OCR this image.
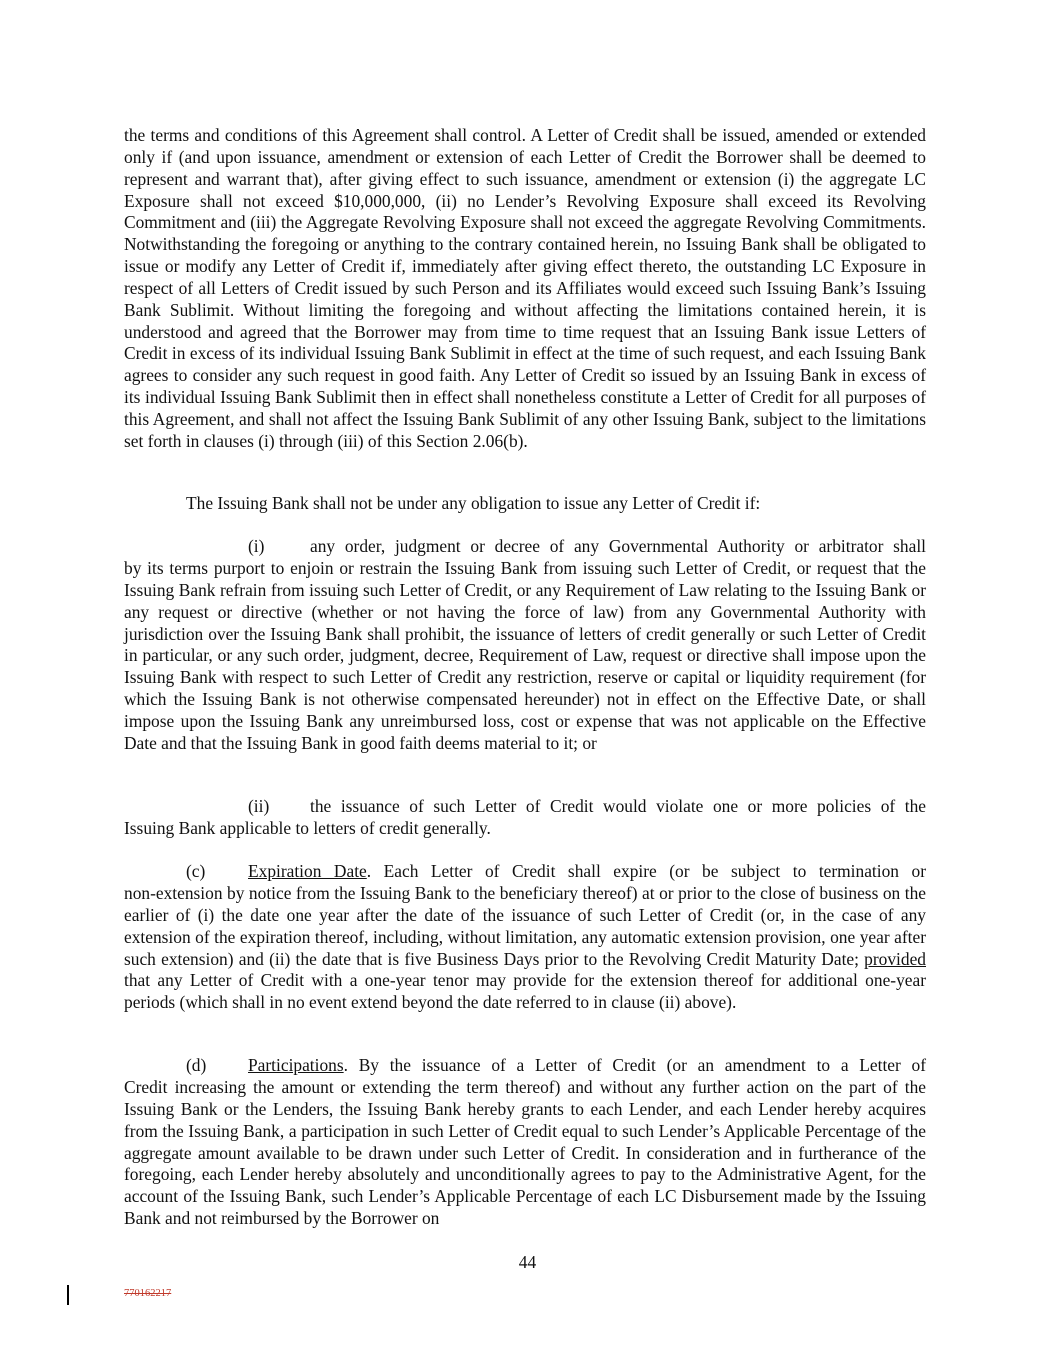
the terms and conditions of this Agreement shall control. A Letter of Credit shall be issued, amended or extended only if (and upon issuance, amendment or extension of each Letter of Credit the Borrower shall be deemed to represent and warrant that), after giving effect to such issuance, amendment or extension (i) the aggregate LC Exposure shall not exceed $10,000,000, (ii) no Lender’s Revolving Exposure shall exceed its Revolving Commitment and (iii) the Aggregate Revolving Exposure shall not exceed the aggregate Revolving Commitments. Notwithstanding the foregoing or anything to the contrary contained herein, no Issuing Bank shall be obligated to issue or modify any Letter of Credit if, immediately after giving effect thereto, the outstanding LC Exposure in respect of all Letters of Credit issued by such Person and its Affiliates would exceed such Issuing Bank’s Issuing Bank Sublimit. Without limiting the foregoing and without affecting the limitations contained herein, it is understood and agreed that the Borrower may from time to time request that an Issuing Bank issue Letters of Credit in excess of its individual Issuing Bank Sublimit in effect at the time of such request, and each Issuing Bank agrees to consider any such request in good faith. Any Letter of Credit so issued by an Issuing Bank in excess of its individual Issuing Bank Sublimit then in effect shall nonetheless constitute a Letter of Credit for all purposes of this Agreement, and shall not affect the Issuing Bank Sublimit of any other Issuing Bank, subject to the limitations set forth in clauses (i) through (iii) of this Section 2.06(b).

The Issuing Bank shall not be under any obligation to issue any Letter of Credit if:

(i)	any order, judgment or decree of any Governmental Authority or arbitrator shall

by its terms purport to enjoin or restrain the Issuing Bank from issuing such Letter of Credit, or request that the Issuing Bank refrain from issuing such Letter of Credit, or any Requirement of Law relating to the Issuing Bank or any request or directive (whether or not having the force of law) from any Governmental Authority with jurisdiction over the Issuing Bank shall prohibit, the issuance of letters of credit generally or such Letter of Credit in particular, or any such order, judgment, decree, Requirement of Law, request or directive shall impose upon the Issuing Bank with respect to such Letter of Credit any restriction, reserve or capital or liquidity requirement (for which the Issuing Bank is not otherwise compensated hereunder) not in effect on the Effective Date, or shall impose upon the Issuing Bank any unreimbursed loss, cost or expense that was not applicable on the Effective Date and that the Issuing Bank in good faith deems material to it; or

(ii) the issuance of such Letter of Credit would violate one or more policies of the

Issuing Bank applicable to letters of credit generally.

(c) Expiration Date. Each Letter of Credit shall expire (or be subject to termination or

non-extension by notice from the Issuing Bank to the beneficiary thereof) at or prior to the close of business on the earlier of (i) the date one year after the date of the issuance of such Letter of Credit (or, in the case of any extension of the expiration thereof, including, without limitation, any automatic extension provision, one year after such extension) and (ii) the date that is five Business Days prior to the Revolving Credit Maturity Date; provided that any Letter of Credit with a one-year tenor may provide for the extension thereof for additional one-year periods (which shall in no event extend beyond the date referred to in clause (ii) above).

(d) Participations. By the issuance of a Letter of Credit (or an amendment to a Letter of

Credit increasing the amount or extending the term thereof) and without any further action on the part of the Issuing Bank or the Lenders, the Issuing Bank hereby grants to each Lender, and each Lender hereby acquires from the Issuing Bank, a participation in such Letter of Credit equal to such Lender’s Applicable Percentage of the aggregate amount available to be drawn under such Letter of Credit. In consideration and in furtherance of the foregoing, each Lender hereby absolutely and unconditionally agrees to pay to the Administrative Agent, for the account of the Issuing Bank, such Lender’s Applicable Percentage of each LC Disbursement made by the Issuing Bank and not reimbursed by the Borrower on

44
770162217
